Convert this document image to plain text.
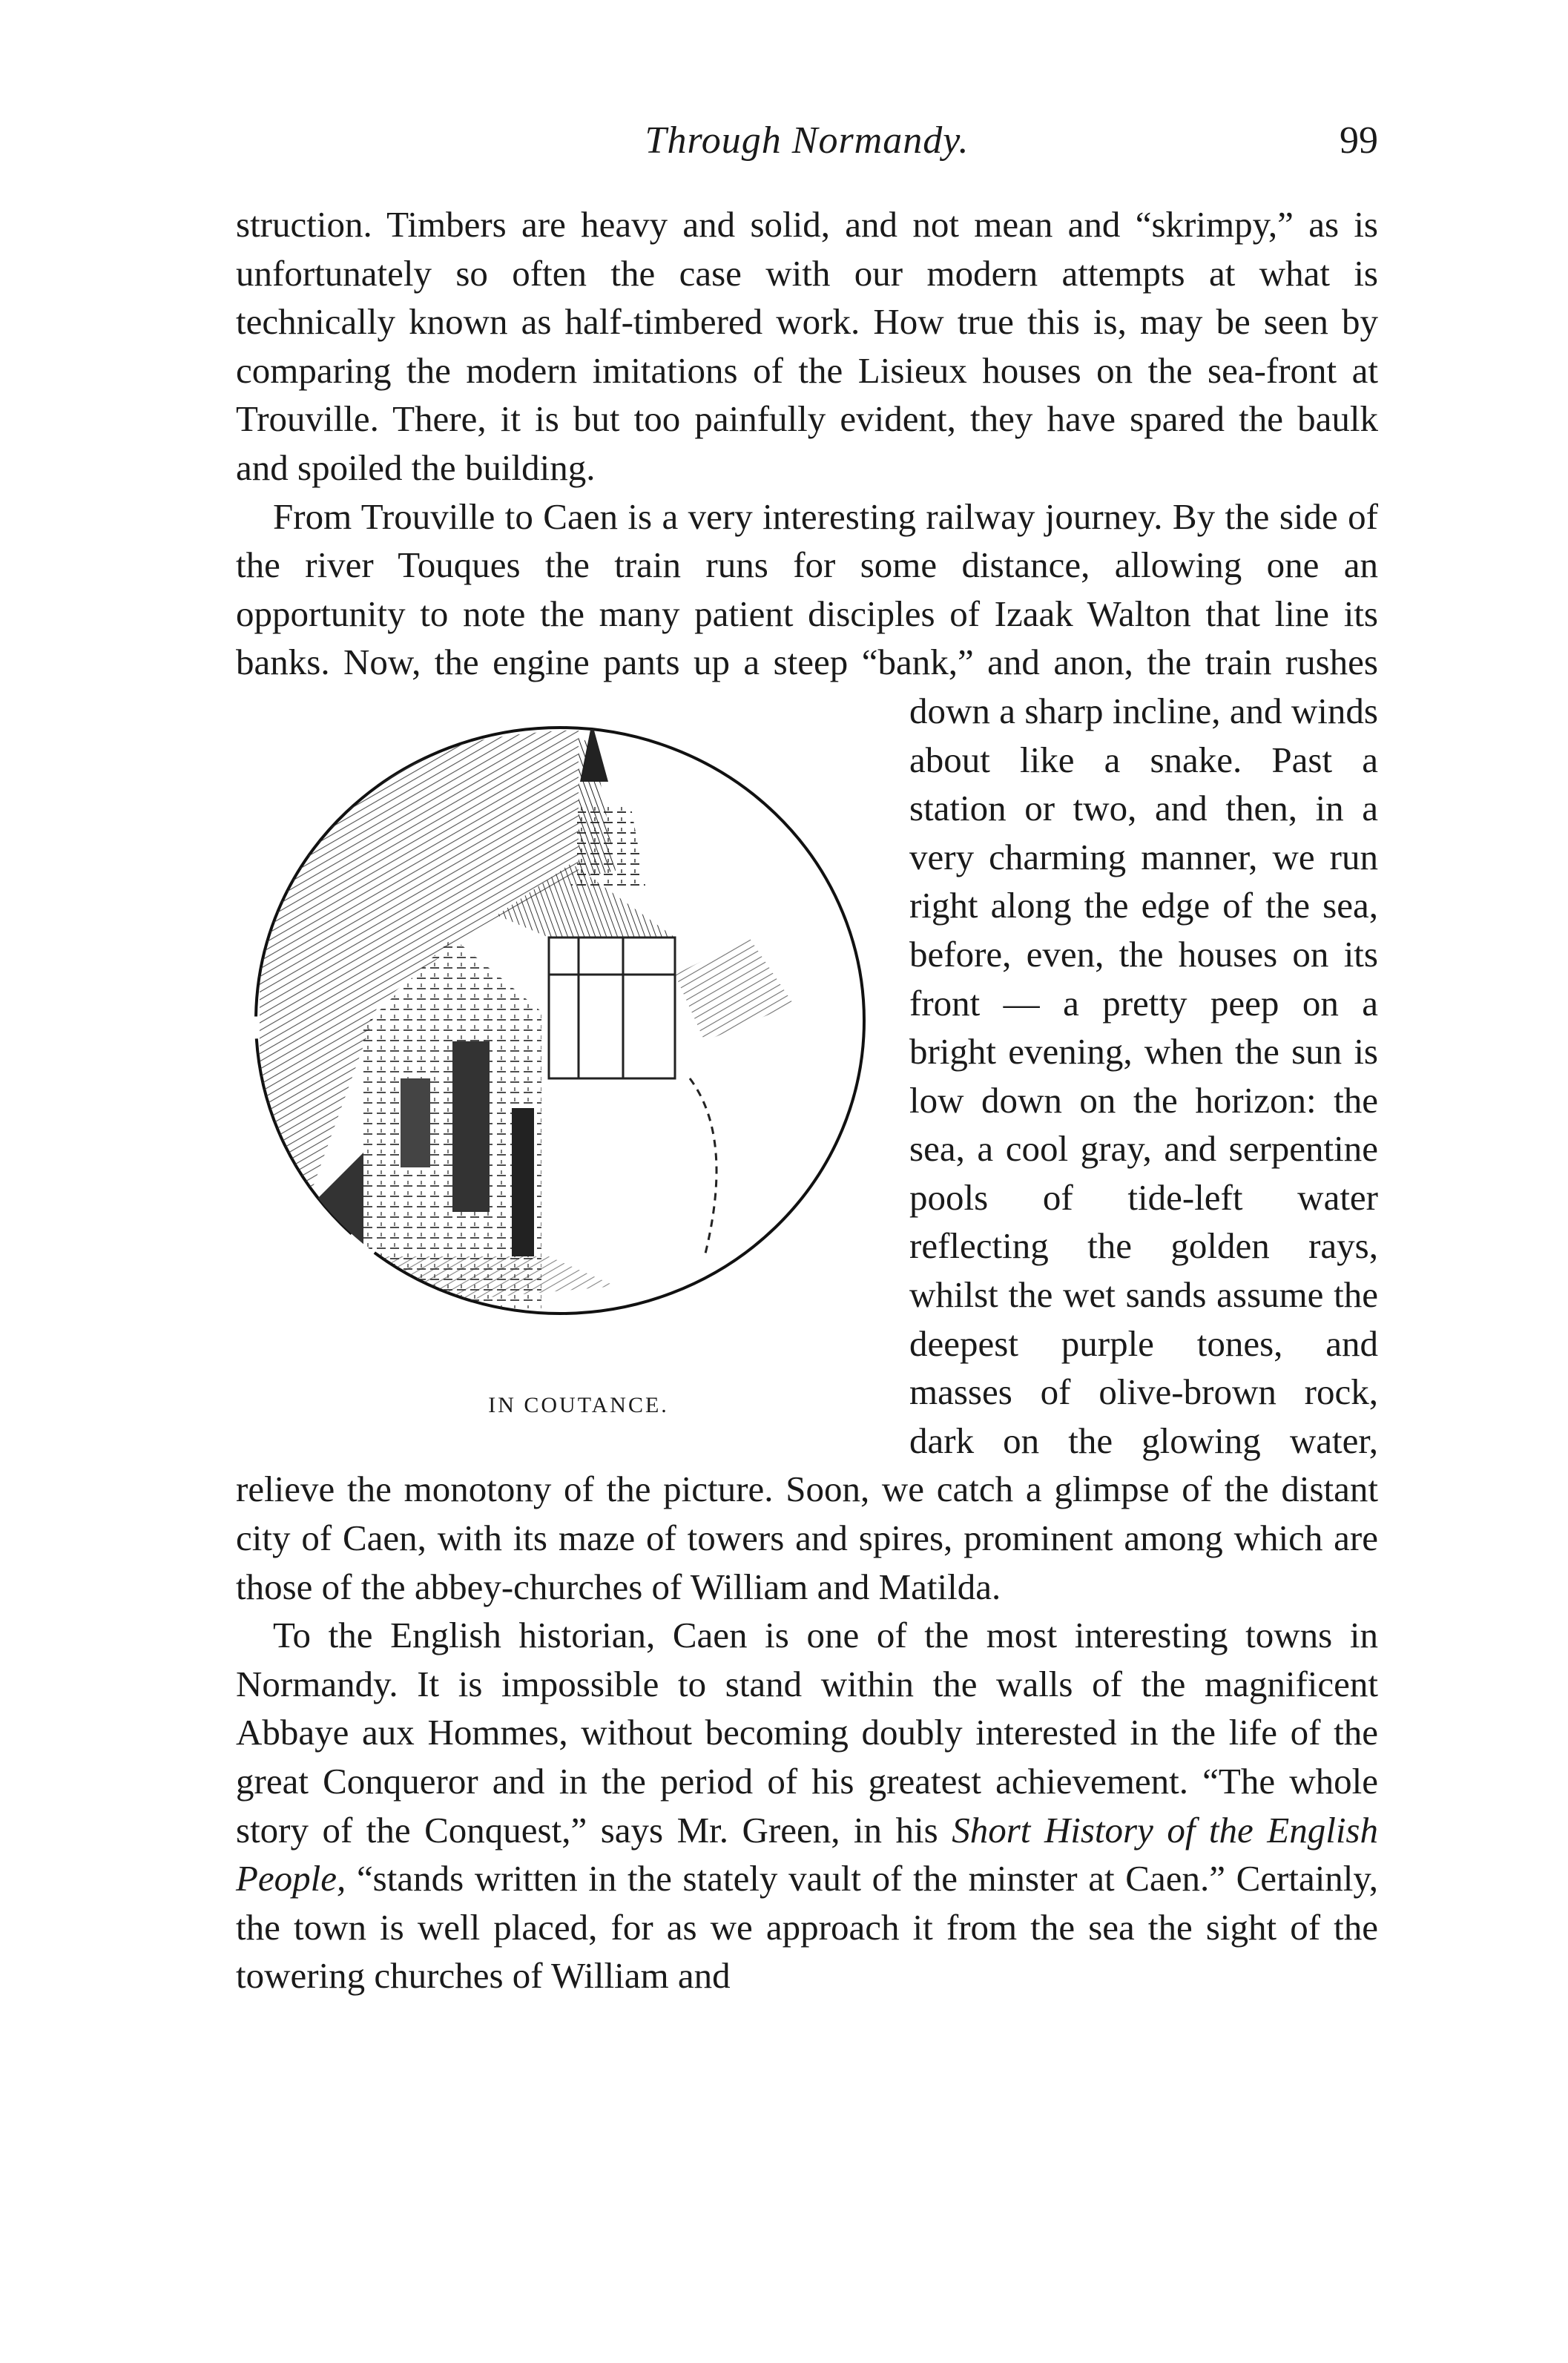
Through Normandy.	99

struction. Timbers are heavy and solid, and not mean and “skrimpy,” as is unfortunately so often the case with our modern attempts at what is technically known as half-timbered work. How true this is, may be seen by comparing the modern imitations of the Lisieux houses on the sea-front at Trouville. There, it is but too painfully evident, they have spared the baulk and spoiled the building.

From Trouville to Caen is a very interesting railway journey. By the side of the river Touques the train runs for some distance, allowing one an opportunity to note the many patient disciples of Izaak Walton that line its banks. Now, the engine pants up a steep “bank,” and anon, the train rushes down a sharp incline,
IN COUTANCE.
and winds about like a snake. Past a station or two, and then, in a very charming manner, we run right along the edge of the sea, before, even, the houses on its front — a pretty peep on a bright evening, when the sun is low down on the horizon: the sea, a cool gray, and serpentine pools of tide-left water reflecting the golden rays, whilst the wet sands assume the deepest purple tones, and masses of olive-brown rock, dark on the glowing water, relieve the monotony of the picture. Soon, we catch a glimpse of the distant city of Caen, with its maze of towers and spires, prominent among which are those of the abbey-churches of William and Matilda.

To the English historian, Caen is one of the most interesting towns in Normandy. It is impossible to stand within the walls of the magnificent Abbaye aux Hommes, without becoming doubly interested in the life of the great Conqueror and in the period of his greatest achievement. “The whole story of the Conquest,” says Mr. Green, in his Short History of the English People, “stands written in the stately vault of the minster at Caen.” Certainly, the town is well placed, for as we approach it from the sea the sight of the towering churches of William and
